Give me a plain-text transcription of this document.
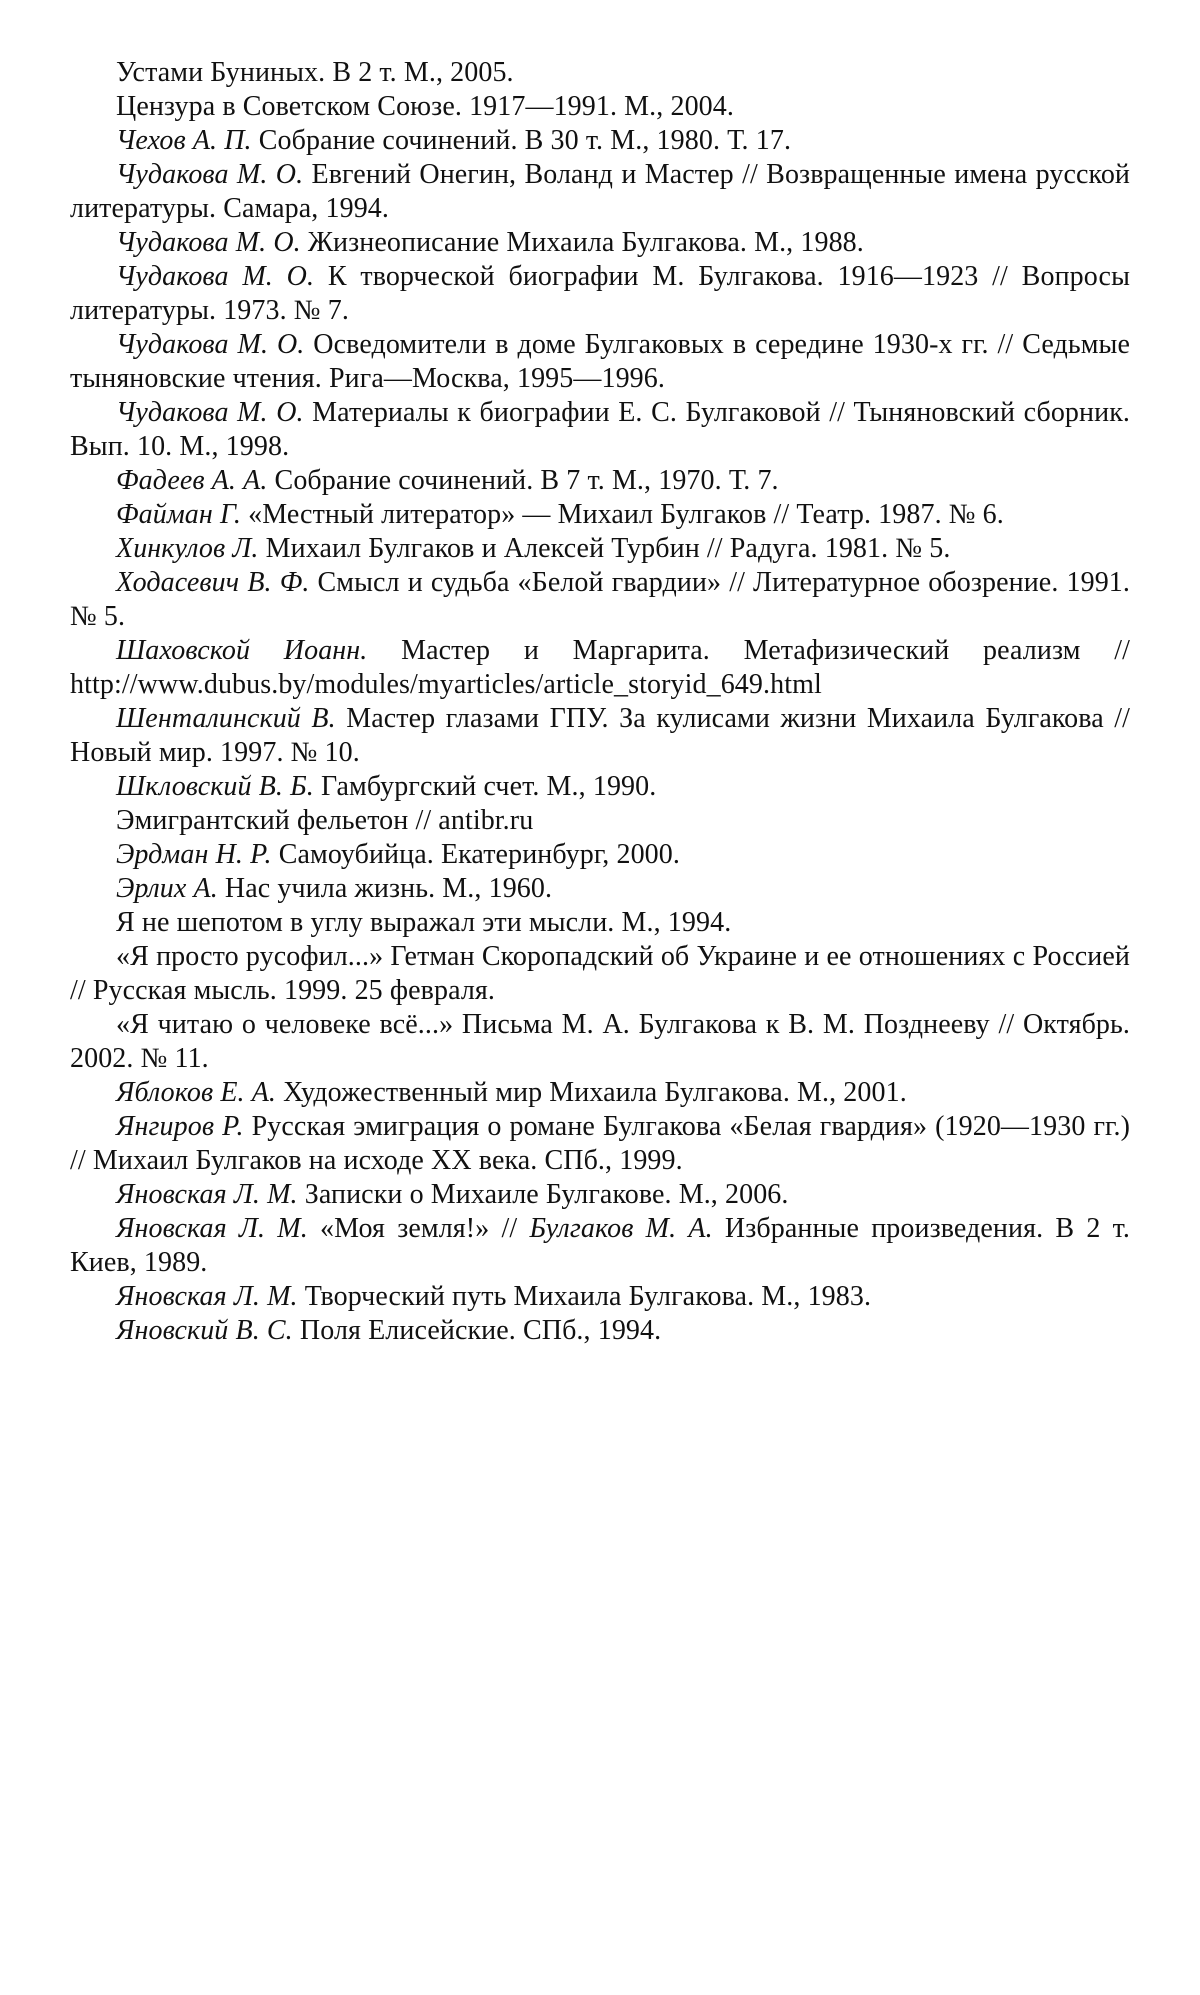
Устами Буниных. В 2 т. М., 2005.

Цензура в Советском Союзе. 1917—1991. М., 2004.

Чехов А. П. Собрание сочинений. В 30 т. М., 1980. Т. 17.

Чудакова М. О. Евгений Онегин, Воланд и Мастер // Возвращенные имена русской литературы. Самара, 1994.

Чудакова М. О. Жизнеописание Михаила Булгакова. М., 1988.

Чудакова М. О. К творческой биографии М. Булгакова. 1916—1923 // Вопросы литературы. 1973. № 7.

Чудакова М. О. Осведомители в доме Булгаковых в середине 1930-х гг. // Седьмые тыняновские чтения. Рига—Москва, 1995—1996.

Чудакова М. О. Материалы к биографии Е. С. Булгаковой // Тыняновский сборник. Вып. 10. М., 1998.

Фадеев А. А. Собрание сочинений. В 7 т. М., 1970. Т. 7.

Файман Г. «Местный литератор» — Михаил Булгаков // Театр. 1987. № 6.

Хинкулов Л. Михаил Булгаков и Алексей Турбин // Радуга. 1981. № 5.

Ходасевич В. Ф. Смысл и судьба «Белой гвардии» // Литературное обозрение. 1991. № 5.

Шаховской Иоанн. Мастер и Маргарита. Метафизический реализм // http://www.dubus.by/modules/myarticles/article_storyid_649.html

Шенталинский В. Мастер глазами ГПУ. За кулисами жизни Михаила Булгакова // Новый мир. 1997. № 10.

Шкловский В. Б. Гамбургский счет. М., 1990.

Эмигрантский фельетон // antibr.ru

Эрдман Н. Р. Самоубийца. Екатеринбург, 2000.

Эрлих А. Нас учила жизнь. М., 1960.

Я не шепотом в углу выражал эти мысли. М., 1994.

«Я просто русофил...» Гетман Скоропадский об Украине и ее отношениях с Россией // Русская мысль. 1999. 25 февраля.

«Я читаю о человеке всё...» Письма М. А. Булгакова к В. М. Позднееву // Октябрь. 2002. № 11.

Яблоков Е. А. Художественный мир Михаила Булгакова. М., 2001.

Янгиров Р. Русская эмиграция о романе Булгакова «Белая гвардия» (1920—1930 гг.) // Михаил Булгаков на исходе XX века. СПб., 1999.

Яновская Л. М. Записки о Михаиле Булгакове. М., 2006.

Яновская Л. М. «Моя земля!» // Булгаков М. А. Избранные произведения. В 2 т. Киев, 1989.

Яновская Л. М. Творческий путь Михаила Булгакова. М., 1983.

Яновский В. С. Поля Елисейские. СПб., 1994.
